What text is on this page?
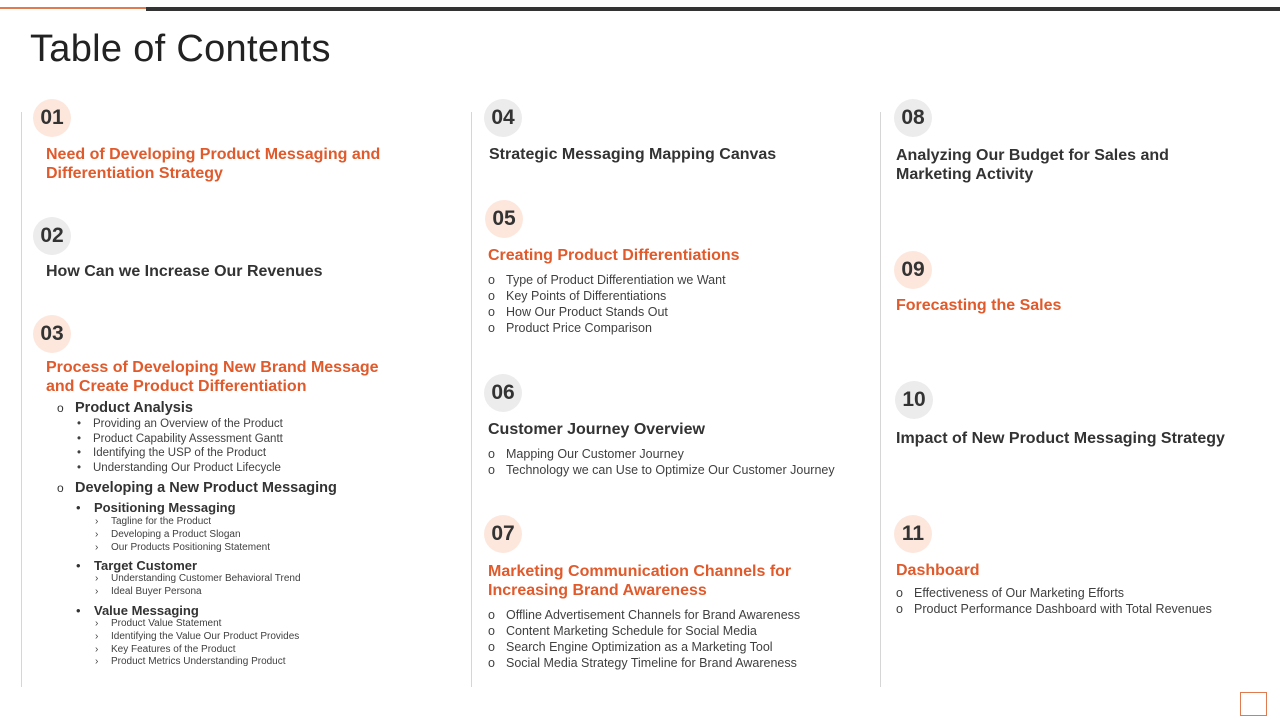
Table of Contents
01
Need of Developing Product Messaging and Differentiation Strategy
02
How Can we Increase Our Revenues
03
Process of Developing New Brand Message and Create Product Differentiation
o Product Analysis
• Providing an Overview of the Product
• Product Capability Assessment Gantt
• Identifying the USP of the Product
• Understanding Our Product Lifecycle
o Developing a New Product Messaging
• Positioning Messaging
› Tagline for the Product
› Developing a Product Slogan
› Our Products Positioning Statement
• Target Customer
› Understanding Customer Behavioral Trend
› Ideal Buyer Persona
• Value Messaging
› Product Value Statement
› Identifying the Value Our Product Provides
› Key Features of the Product
› Product Metrics Understanding Product
04
Strategic Messaging Mapping Canvas
05
Creating Product Differentiations
o Type of Product Differentiation we Want
o Key Points of Differentiations
o How Our Product Stands Out
o Product Price Comparison
06
Customer Journey Overview
o Mapping Our Customer Journey
o Technology we can Use to Optimize Our Customer Journey
07
Marketing Communication Channels for Increasing Brand Awareness
o Offline Advertisement Channels for Brand Awareness
o Content Marketing Schedule for Social Media
o Search Engine Optimization as a Marketing Tool
o Social Media Strategy Timeline for Brand Awareness
08
Analyzing Our Budget for Sales and Marketing Activity
09
Forecasting the Sales
10
Impact of New Product Messaging Strategy
11
Dashboard
o Effectiveness of Our Marketing Efforts
o Product Performance Dashboard with Total Revenues
